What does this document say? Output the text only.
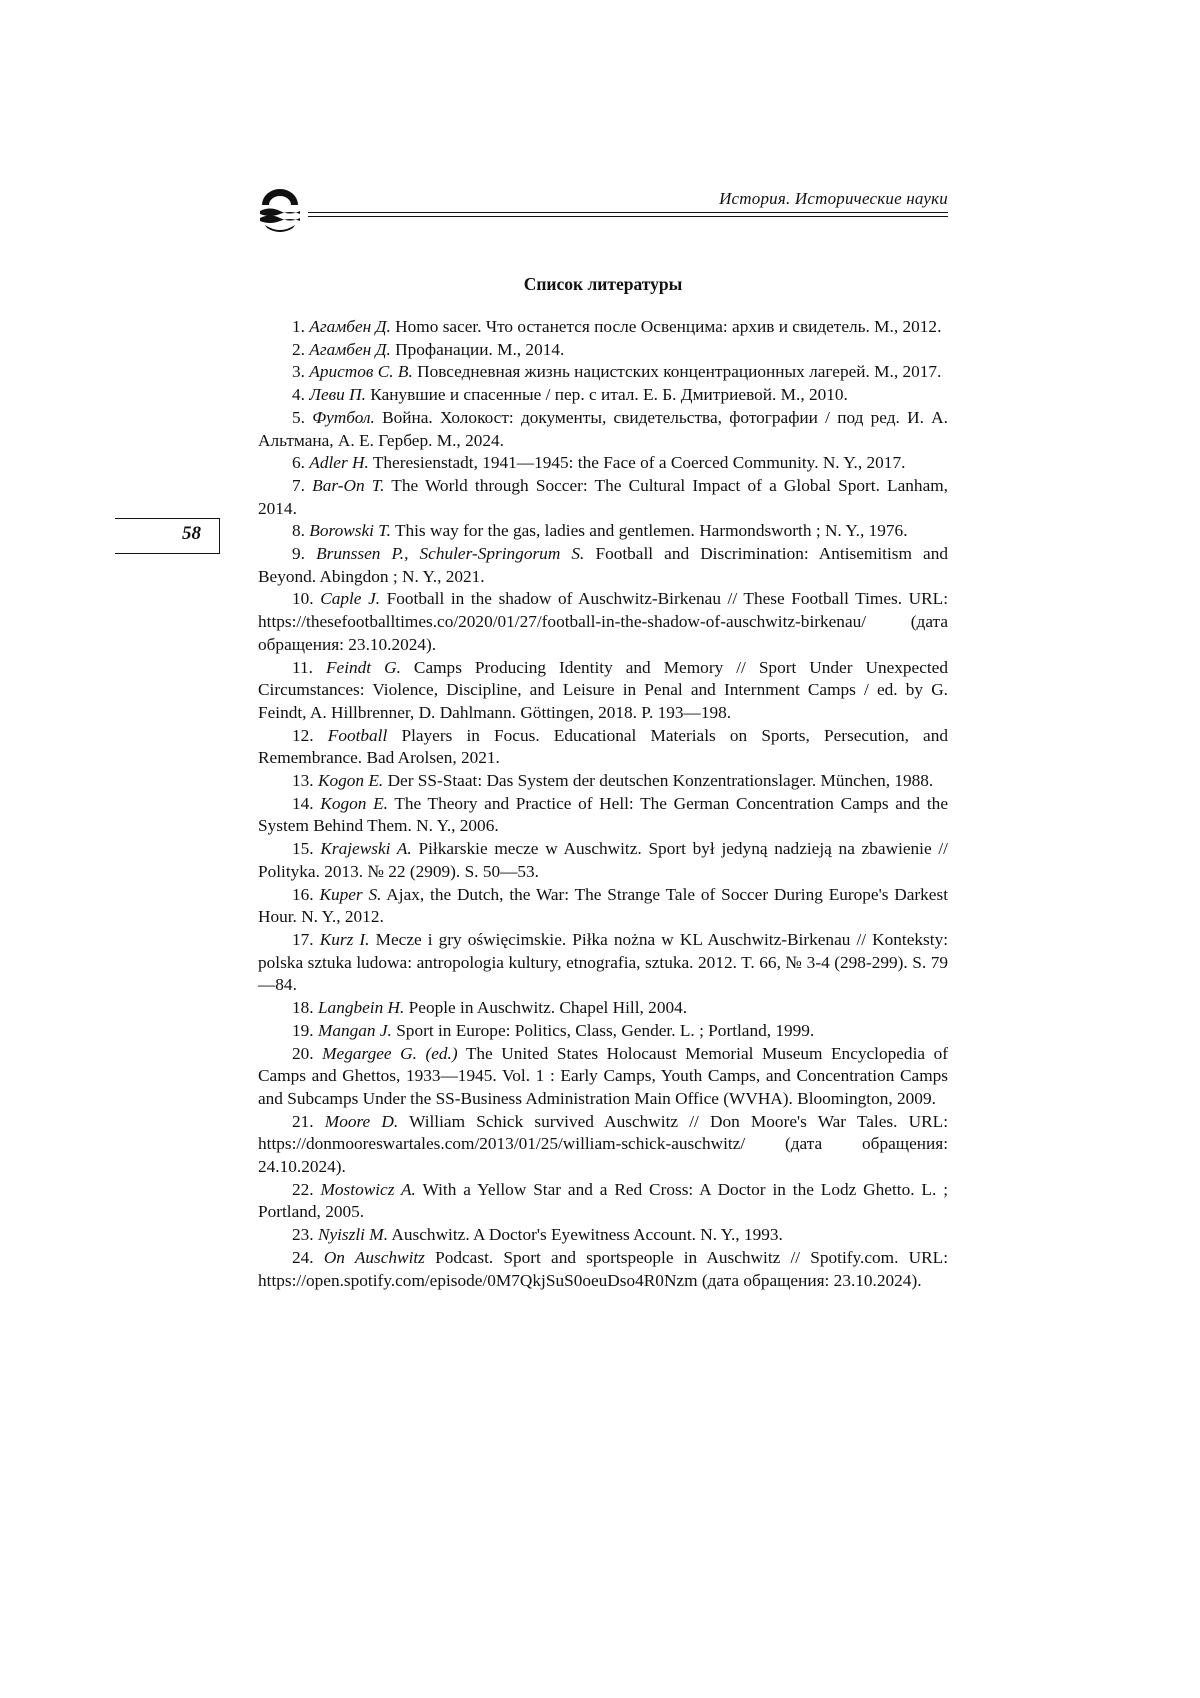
История. Исторические науки
58
Список литературы

1. Агамбен Д. Homo sacer. Что останется после Освенцима: архив и свидетель. М., 2012.

2. Агамбен Д. Профанации. М., 2014.

3. Аристов С. В. Повседневная жизнь нацистских концентрационных лагерей. М., 2017.

4. Леви П. Канувшие и спасенные / пер. с итал. Е. Б. Дмитриевой. М., 2010.

5. Футбол. Война. Холокост: документы, свидетельства, фотографии / под ред. И. А. Альтмана, А. Е. Гербер. М., 2024.

6. Adler H. Theresienstadt, 1941—1945: the Face of a Coerced Community. N. Y., 2017.

7. Bar-On T. The World through Soccer: The Cultural Impact of a Global Sport. Lanham, 2014.

8. Borowski T. This way for the gas, ladies and gentlemen. Harmondsworth ; N. Y., 1976.

9. Brunssen P., Schuler-Springorum S. Football and Discrimination: Antisemitism and Beyond. Abingdon ; N. Y., 2021.

10. Caple J. Football in the shadow of Auschwitz-Birkenau // These Football Times. URL: https://thesefootballtimes.co/2020/01/27/football-in-the-shadow-of-auschwitz-birkenau/ (дата обращения: 23.10.2024).

11. Feindt G. Camps Producing Identity and Memory // Sport Under Unexpected Circumstances: Violence, Discipline, and Leisure in Penal and Internment Camps / ed. by G. Feindt, A. Hillbrenner, D. Dahlmann. Göttingen, 2018. P. 193—198.

12. Football Players in Focus. Educational Materials on Sports, Persecution, and Remembrance. Bad Arolsen, 2021.

13. Kogon E. Der SS-Staat: Das System der deutschen Konzentrationslager. München, 1988.

14. Kogon E. The Theory and Practice of Hell: The German Concentration Camps and the System Behind Them. N. Y., 2006.

15. Krajewski A. Piłkarskie mecze w Auschwitz. Sport był jedyną nadzieją na zbawienie // Polityka. 2013. № 22 (2909). S. 50—53.

16. Kuper S. Ajax, the Dutch, the War: The Strange Tale of Soccer During Europe's Darkest Hour. N. Y., 2012.

17. Kurz I. Mecze i gry oświęcimskie. Piłka nożna w KL Auschwitz-Birkenau // Konteksty: polska sztuka ludowa: antropologia kultury, etnografia, sztuka. 2012. T. 66, № 3-4 (298-299). S. 79—84.

18. Langbein H. People in Auschwitz. Chapel Hill, 2004.

19. Mangan J. Sport in Europe: Politics, Class, Gender. L. ; Portland, 1999.

20. Megargee G. (ed.) The United States Holocaust Memorial Museum Encyclopedia of Camps and Ghettos, 1933—1945. Vol. 1 : Early Camps, Youth Camps, and Concentration Camps and Subcamps Under the SS-Business Administration Main Office (WVHA). Bloomington, 2009.

21. Moore D. William Schick survived Auschwitz // Don Moore's War Tales. URL: https://donmooreswartales.com/2013/01/25/william-schick-auschwitz/ (дата обращения: 24.10.2024).

22. Mostowicz A. With a Yellow Star and a Red Cross: A Doctor in the Lodz Ghetto. L. ; Portland, 2005.

23. Nyiszli M. Auschwitz. A Doctor's Eyewitness Account. N. Y., 1993.

24. On Auschwitz Podcast. Sport and sportspeople in Auschwitz // Spotify.com. URL: https://open.spotify.com/episode/0M7QkjSuS0oeuDso4R0Nzm (дата обращения: 23.10.2024).
